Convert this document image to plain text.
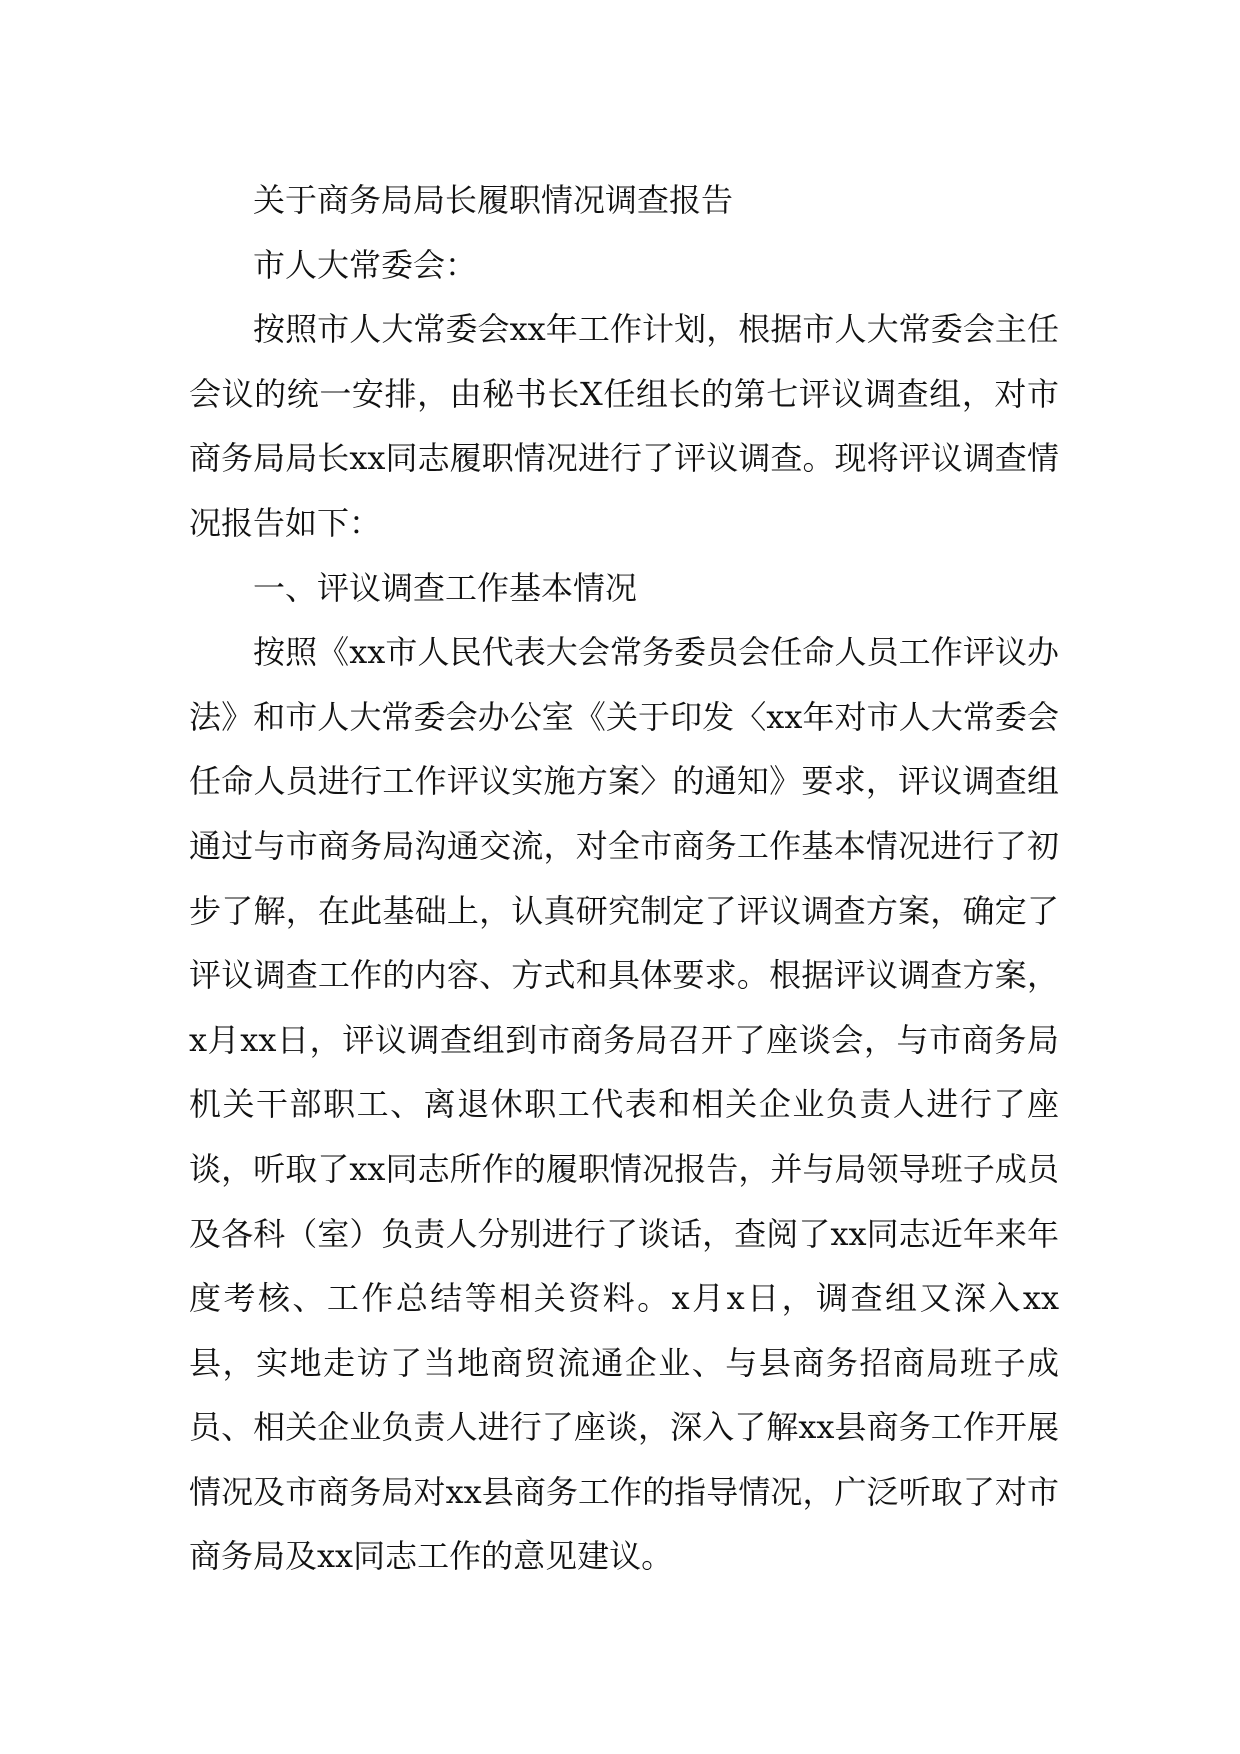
关于商务局局长履职情况调查报告

市人大常委会：

按照市人大常委会xx年工作计划，根据市人大常委会主任会议的统一安排，由秘书长X任组长的第七评议调查组，对市商务局局长xx同志履职情况进行了评议调查。现将评议调查情况报告如下：

一、评议调查工作基本情况

按照《xx市人民代表大会常务委员会任命人员工作评议办法》和市人大常委会办公室《关于印发〈xx年对市人大常委会任命人员进行工作评议实施方案〉的通知》要求，评议调查组通过与市商务局沟通交流，对全市商务工作基本情况进行了初步了解，在此基础上，认真研究制定了评议调查方案，确定了评议调查工作的内容、方式和具体要求。根据评议调查方案，x月xx日，评议调查组到市商务局召开了座谈会，与市商务局机关干部职工、离退休职工代表和相关企业负责人进行了座谈，听取了xx同志所作的履职情况报告，并与局领导班子成员及各科（室）负责人分别进行了谈话，查阅了xx同志近年来年度考核、工作总结等相关资料。x月x日，调查组又深入xx县，实地走访了当地商贸流通企业、与县商务招商局班子成员、相关企业负责人进行了座谈，深入了解xx县商务工作开展情况及市商务局对xx县商务工作的指导情况，广泛听取了对市商务局及xx同志工作的意见建议。
